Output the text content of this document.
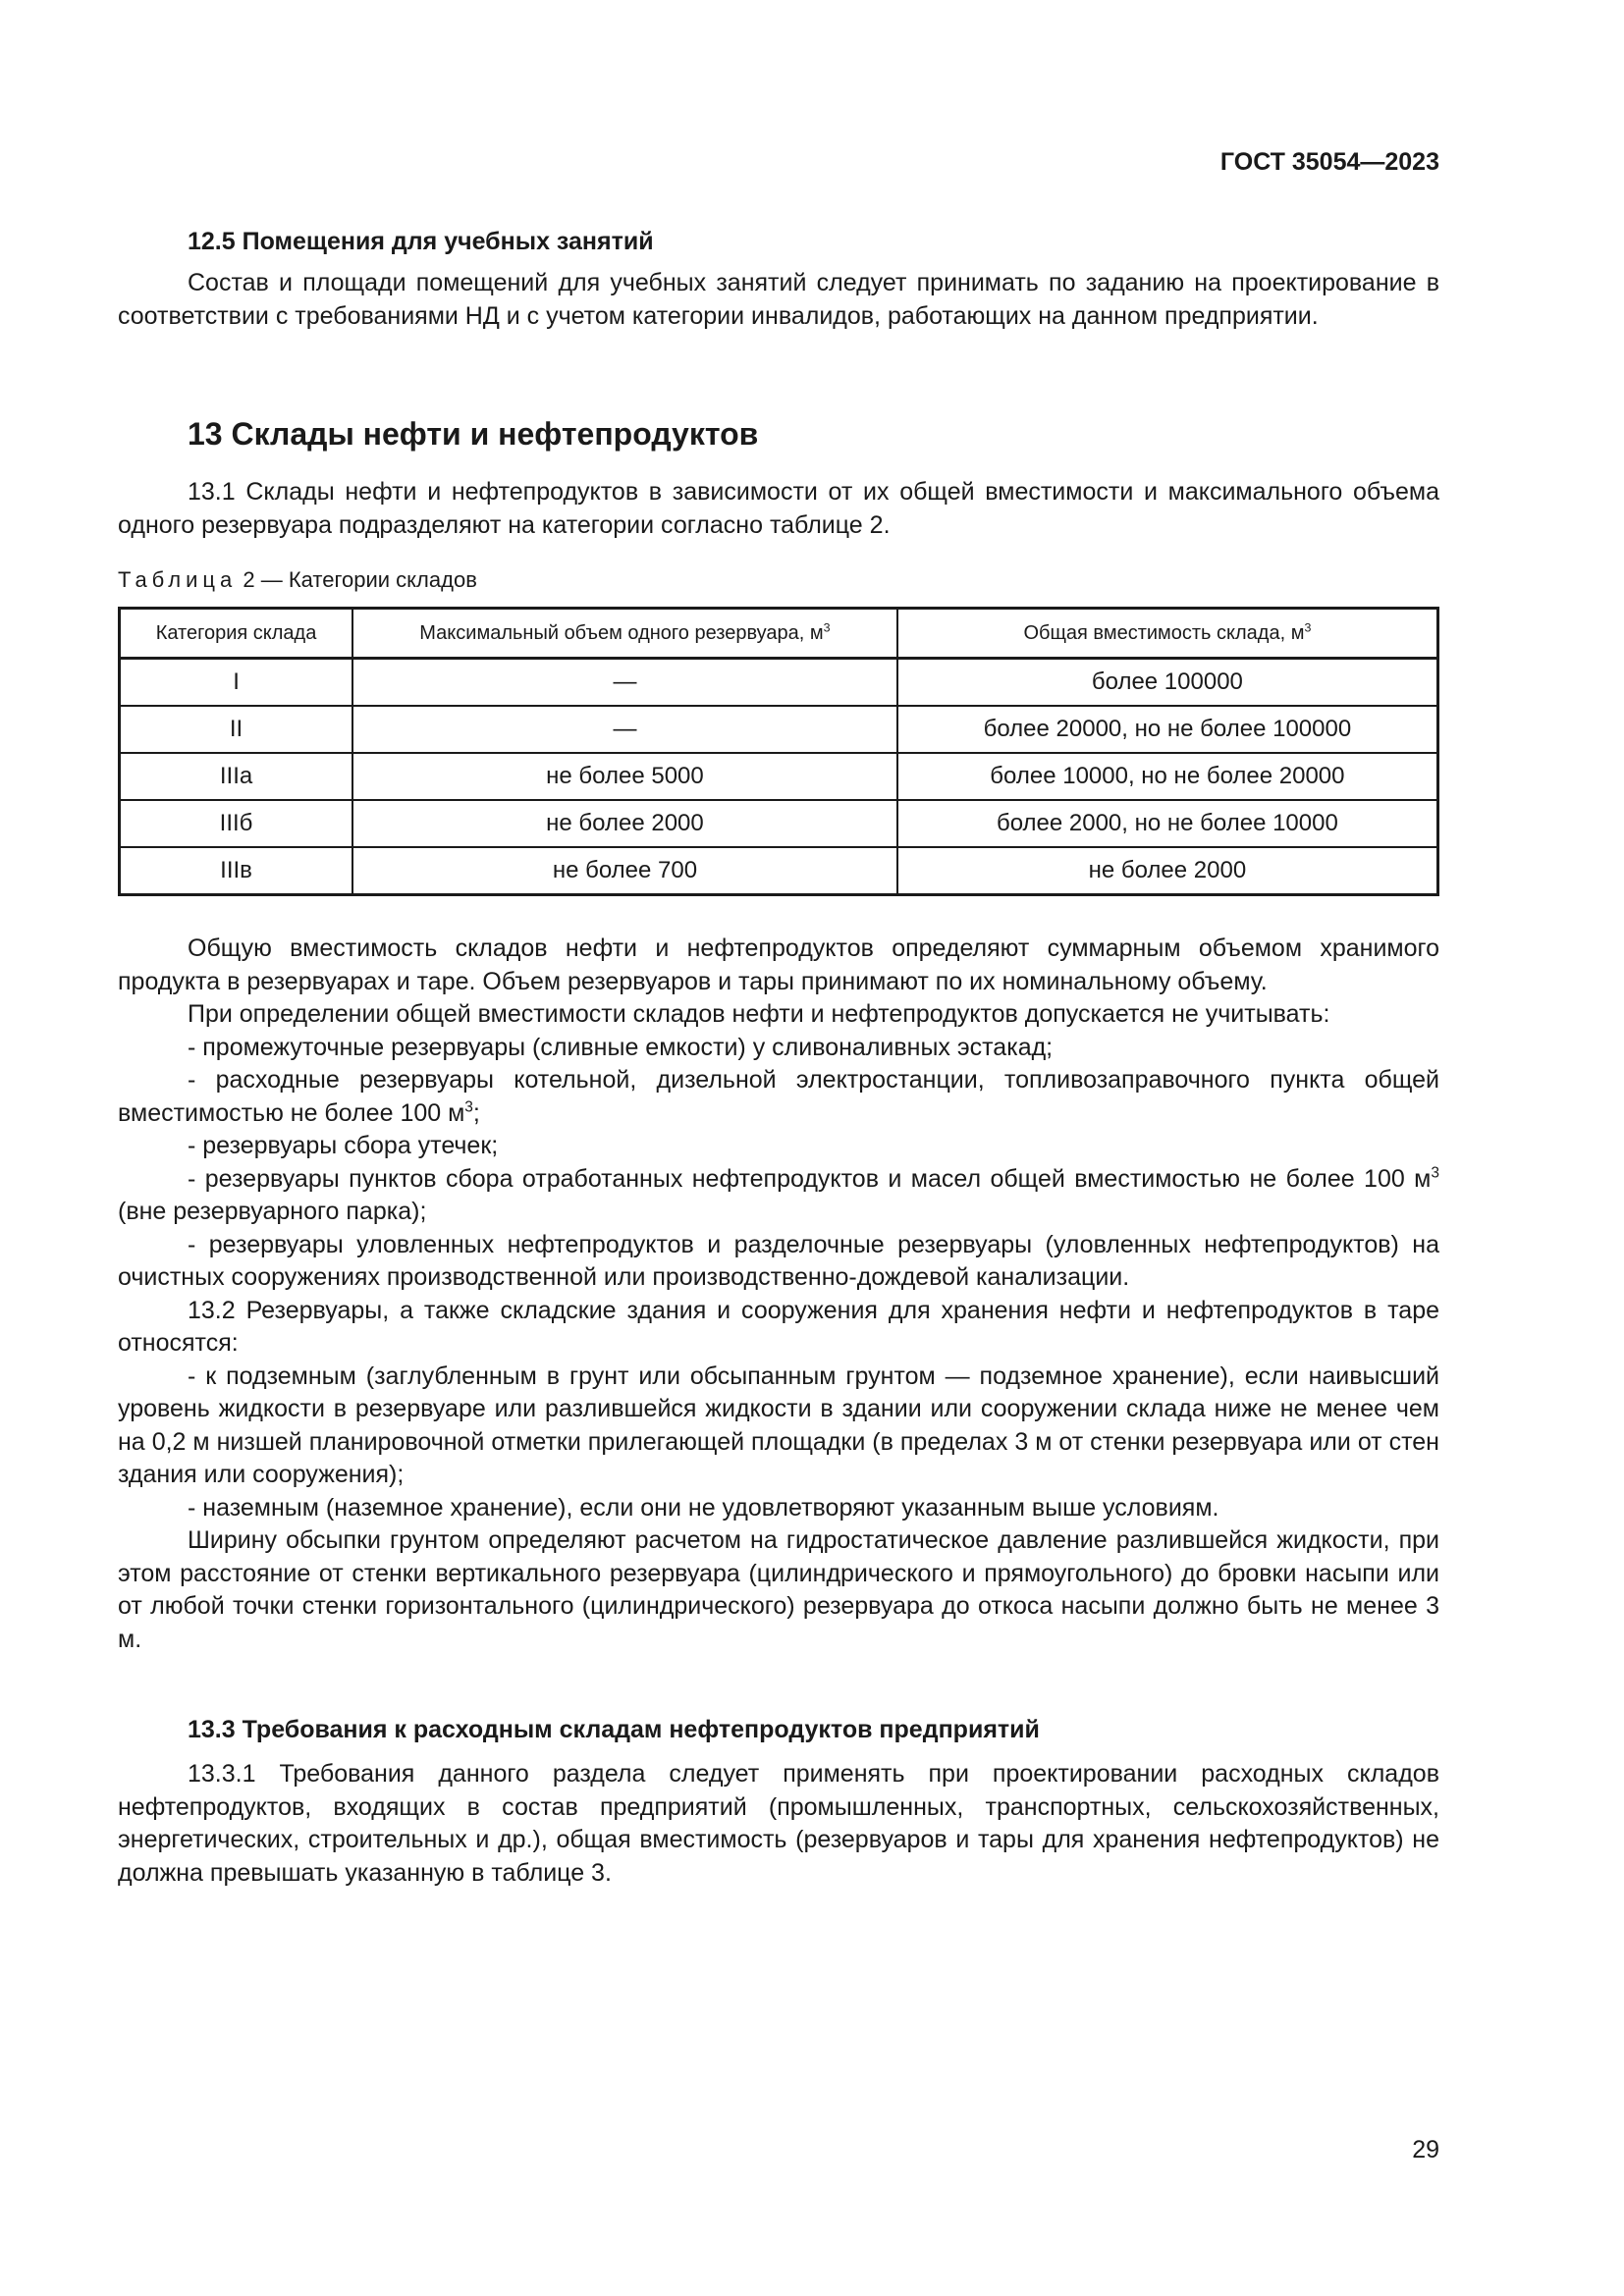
ГОСТ 35054—2023
12.5 Помещения для учебных занятий

Состав и площади помещений для учебных занятий следует принимать по заданию на проектирование в соответствии с требованиями НД и с учетом категории инвалидов, работающих на данном предприятии.

13 Склады нефти и нефтепродуктов

13.1 Склады нефти и нефтепродуктов в зависимости от их общей вместимости и максимального объема одного резервуара подразделяют на категории согласно таблице 2.

Таблица 2 — Категории складов
Категория склада	Максимальный объем одного резервуара, $м^3$	Общая вместимость склада, $м^3$
I	—	более 100000
II	—	более 20000, но не более 100000
IIIа	не более 5000	более 10000, но не более 20000
IIIб	не более 2000	более 2000, но не более 10000
IIIв	не более 700	не более 2000

Общую вместимость складов нефти и нефтепродуктов определяют суммарным объемом хранимого продукта в резервуарах и таре. Объем резервуаров и тары принимают по их номинальному объему.

При определении общей вместимости складов нефти и нефтепродуктов допускается не учитывать:

- промежуточные резервуары (сливные емкости) у сливоналивных эстакад;

- расходные резервуары котельной, дизельной электростанции, топливозаправочного пункта общей вместимостью не более 100 $м^3$;

- резервуары сбора утечек;

- резервуары пунктов сбора отработанных нефтепродуктов и масел общей вместимостью не более 100 $м^3$ (вне резервуарного парка);

- резервуары уловленных нефтепродуктов и разделочные резервуары (уловленных нефтепродуктов) на очистных сооружениях производственной или производственно-дождевой канализации.

13.2 Резервуары, а также складские здания и сооружения для хранения нефти и нефтепродуктов в таре относятся:

- к подземным (заглубленным в грунт или обсыпанным грунтом — подземное хранение), если наивысший уровень жидкости в резервуаре или разлившейся жидкости в здании или сооружении склада ниже не менее чем на 0,2 м низшей планировочной отметки прилегающей площадки (в пределах 3 м от стенки резервуара или от стен здания или сооружения);

- наземным (наземное хранение), если они не удовлетворяют указанным выше условиям.

Ширину обсыпки грунтом определяют расчетом на гидростатическое давление разлившейся жидкости, при этом расстояние от стенки вертикального резервуара (цилиндрического и прямоугольного) до бровки насыпи или от любой точки стенки горизонтального (цилиндрического) резервуара до откоса насыпи должно быть не менее 3 м.

13.3 Требования к расходным складам нефтепродуктов предприятий

13.3.1 Требования данного раздела следует применять при проектировании расходных складов нефтепродуктов, входящих в состав предприятий (промышленных, транспортных, сельскохозяйственных, энергетических, строительных и др.), общая вместимость (резервуаров и тары для хранения нефтепродуктов) не должна превышать указанную в таблице 3.

29
